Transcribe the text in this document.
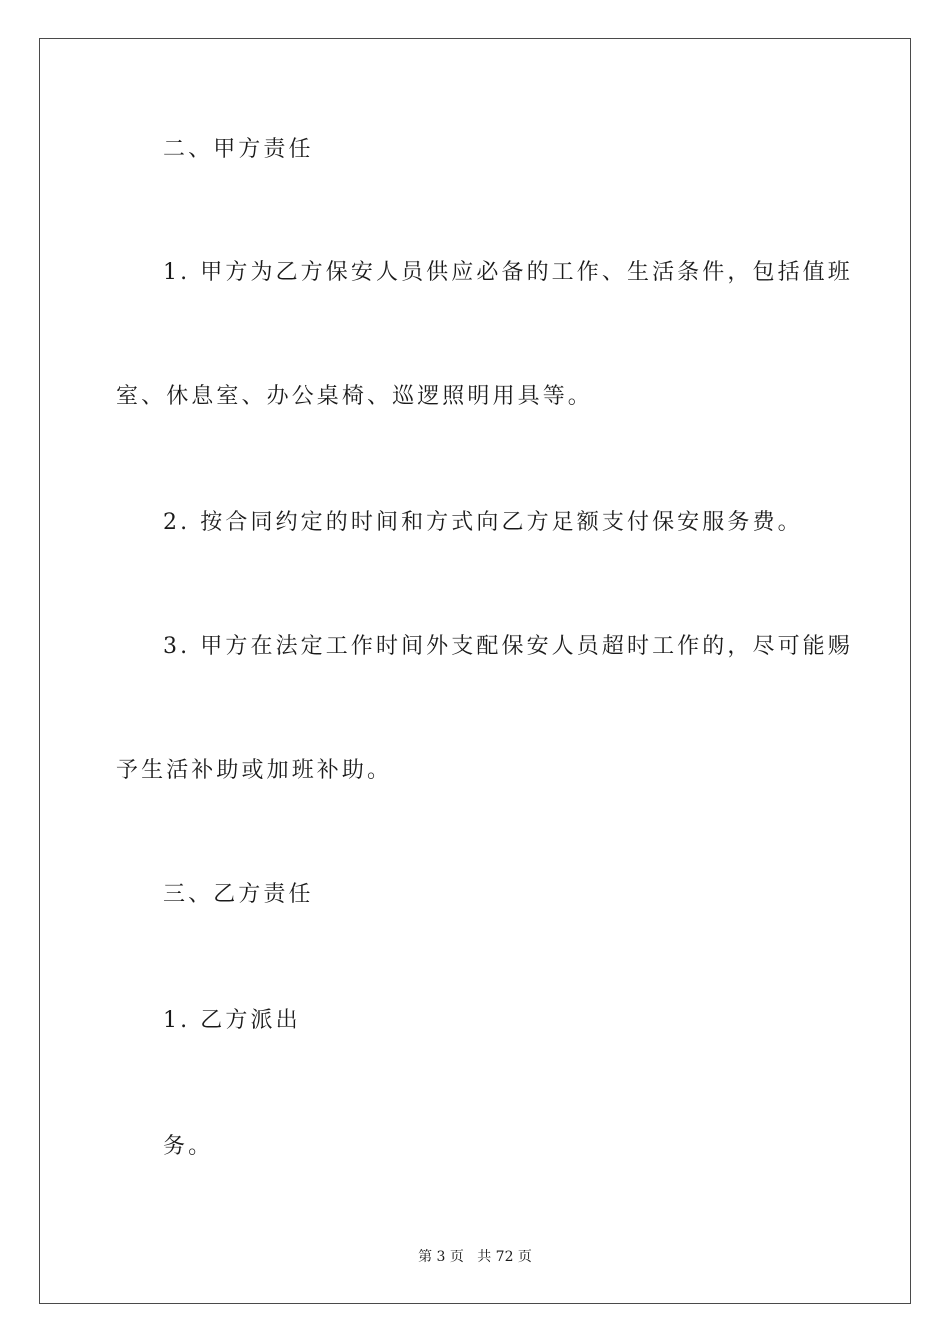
二、甲方责任

1. 甲方为乙方保安人员供应必备的工作、生活条件，包括值班

室、休息室、办公桌椅、巡逻照明用具等。

2. 按合同约定的时间和方式向乙方足额支付保安服务费。

3. 甲方在法定工作时间外支配保安人员超时工作的，尽可能赐

予生活补助或加班补助。

三、乙方责任

1. 乙方派出

务。

第 3 页   共 72 页
